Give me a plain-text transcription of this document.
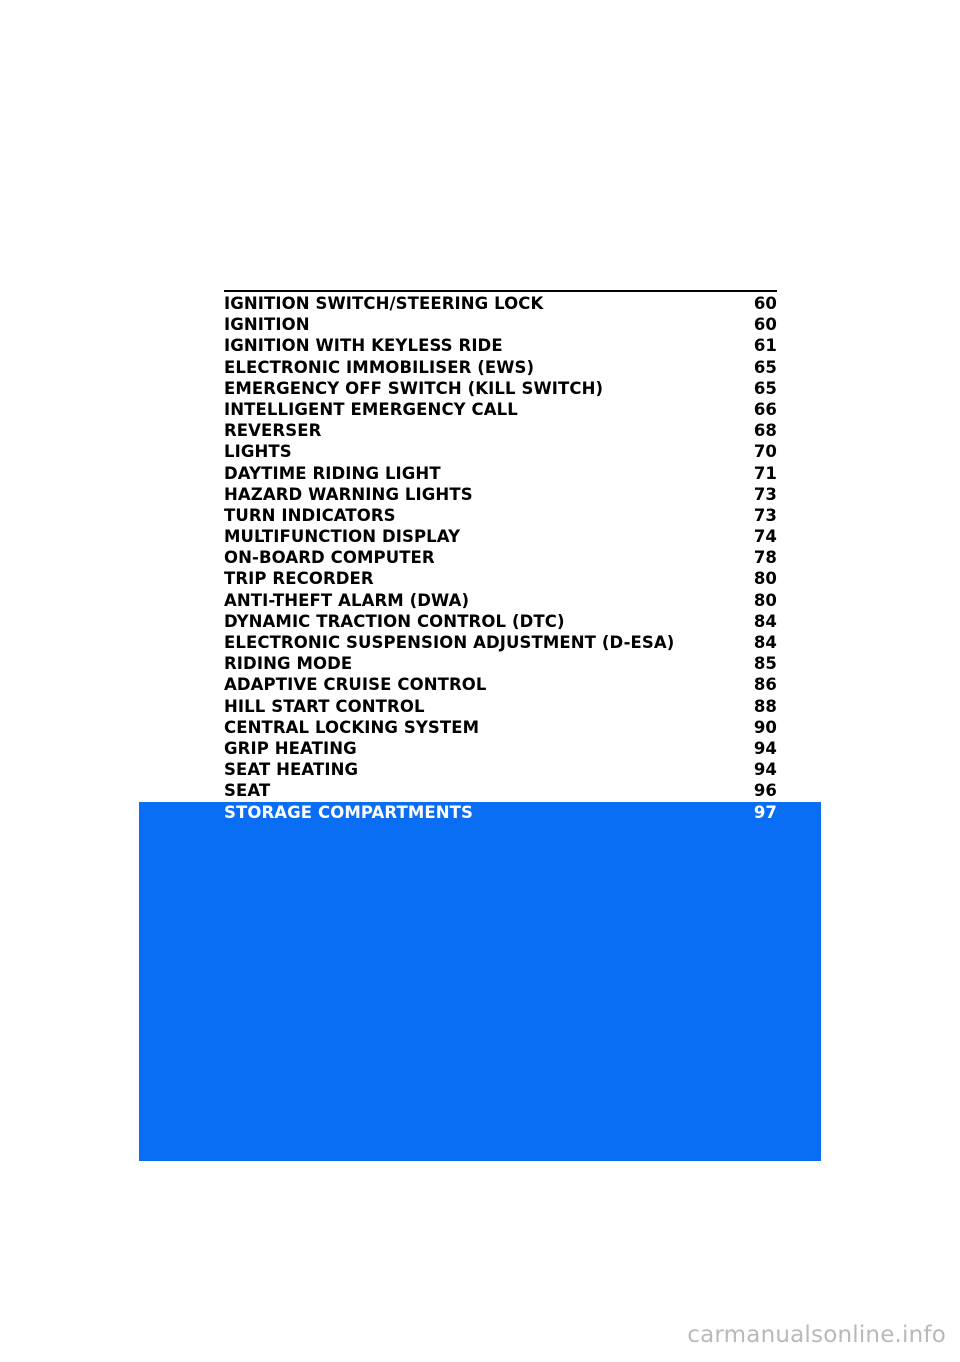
IGNITION SWITCH/STEERING LOCK	60
IGNITION	60
IGNITION WITH KEYLESS RIDE	61
ELECTRONIC IMMOBILISER (EWS)	65
EMERGENCY OFF SWITCH (KILL SWITCH)	65
INTELLIGENT EMERGENCY CALL	66
REVERSER	68
LIGHTS	70
DAYTIME RIDING LIGHT	71
HAZARD WARNING LIGHTS	73
TURN INDICATORS	73
MULTIFUNCTION DISPLAY	74
ON-BOARD COMPUTER	78
TRIP RECORDER	80
ANTI-THEFT ALARM (DWA)	80
DYNAMIC TRACTION CONTROL (DTC)	84
ELECTRONIC SUSPENSION ADJUSTMENT (D-ESA)	84
RIDING MODE	85
ADAPTIVE CRUISE CONTROL	86
HILL START CONTROL	88
CENTRAL LOCKING SYSTEM	90
GRIP HEATING	94
SEAT HEATING	94
SEAT	96
STORAGE COMPARTMENTS	97
carmanualsonline.info
